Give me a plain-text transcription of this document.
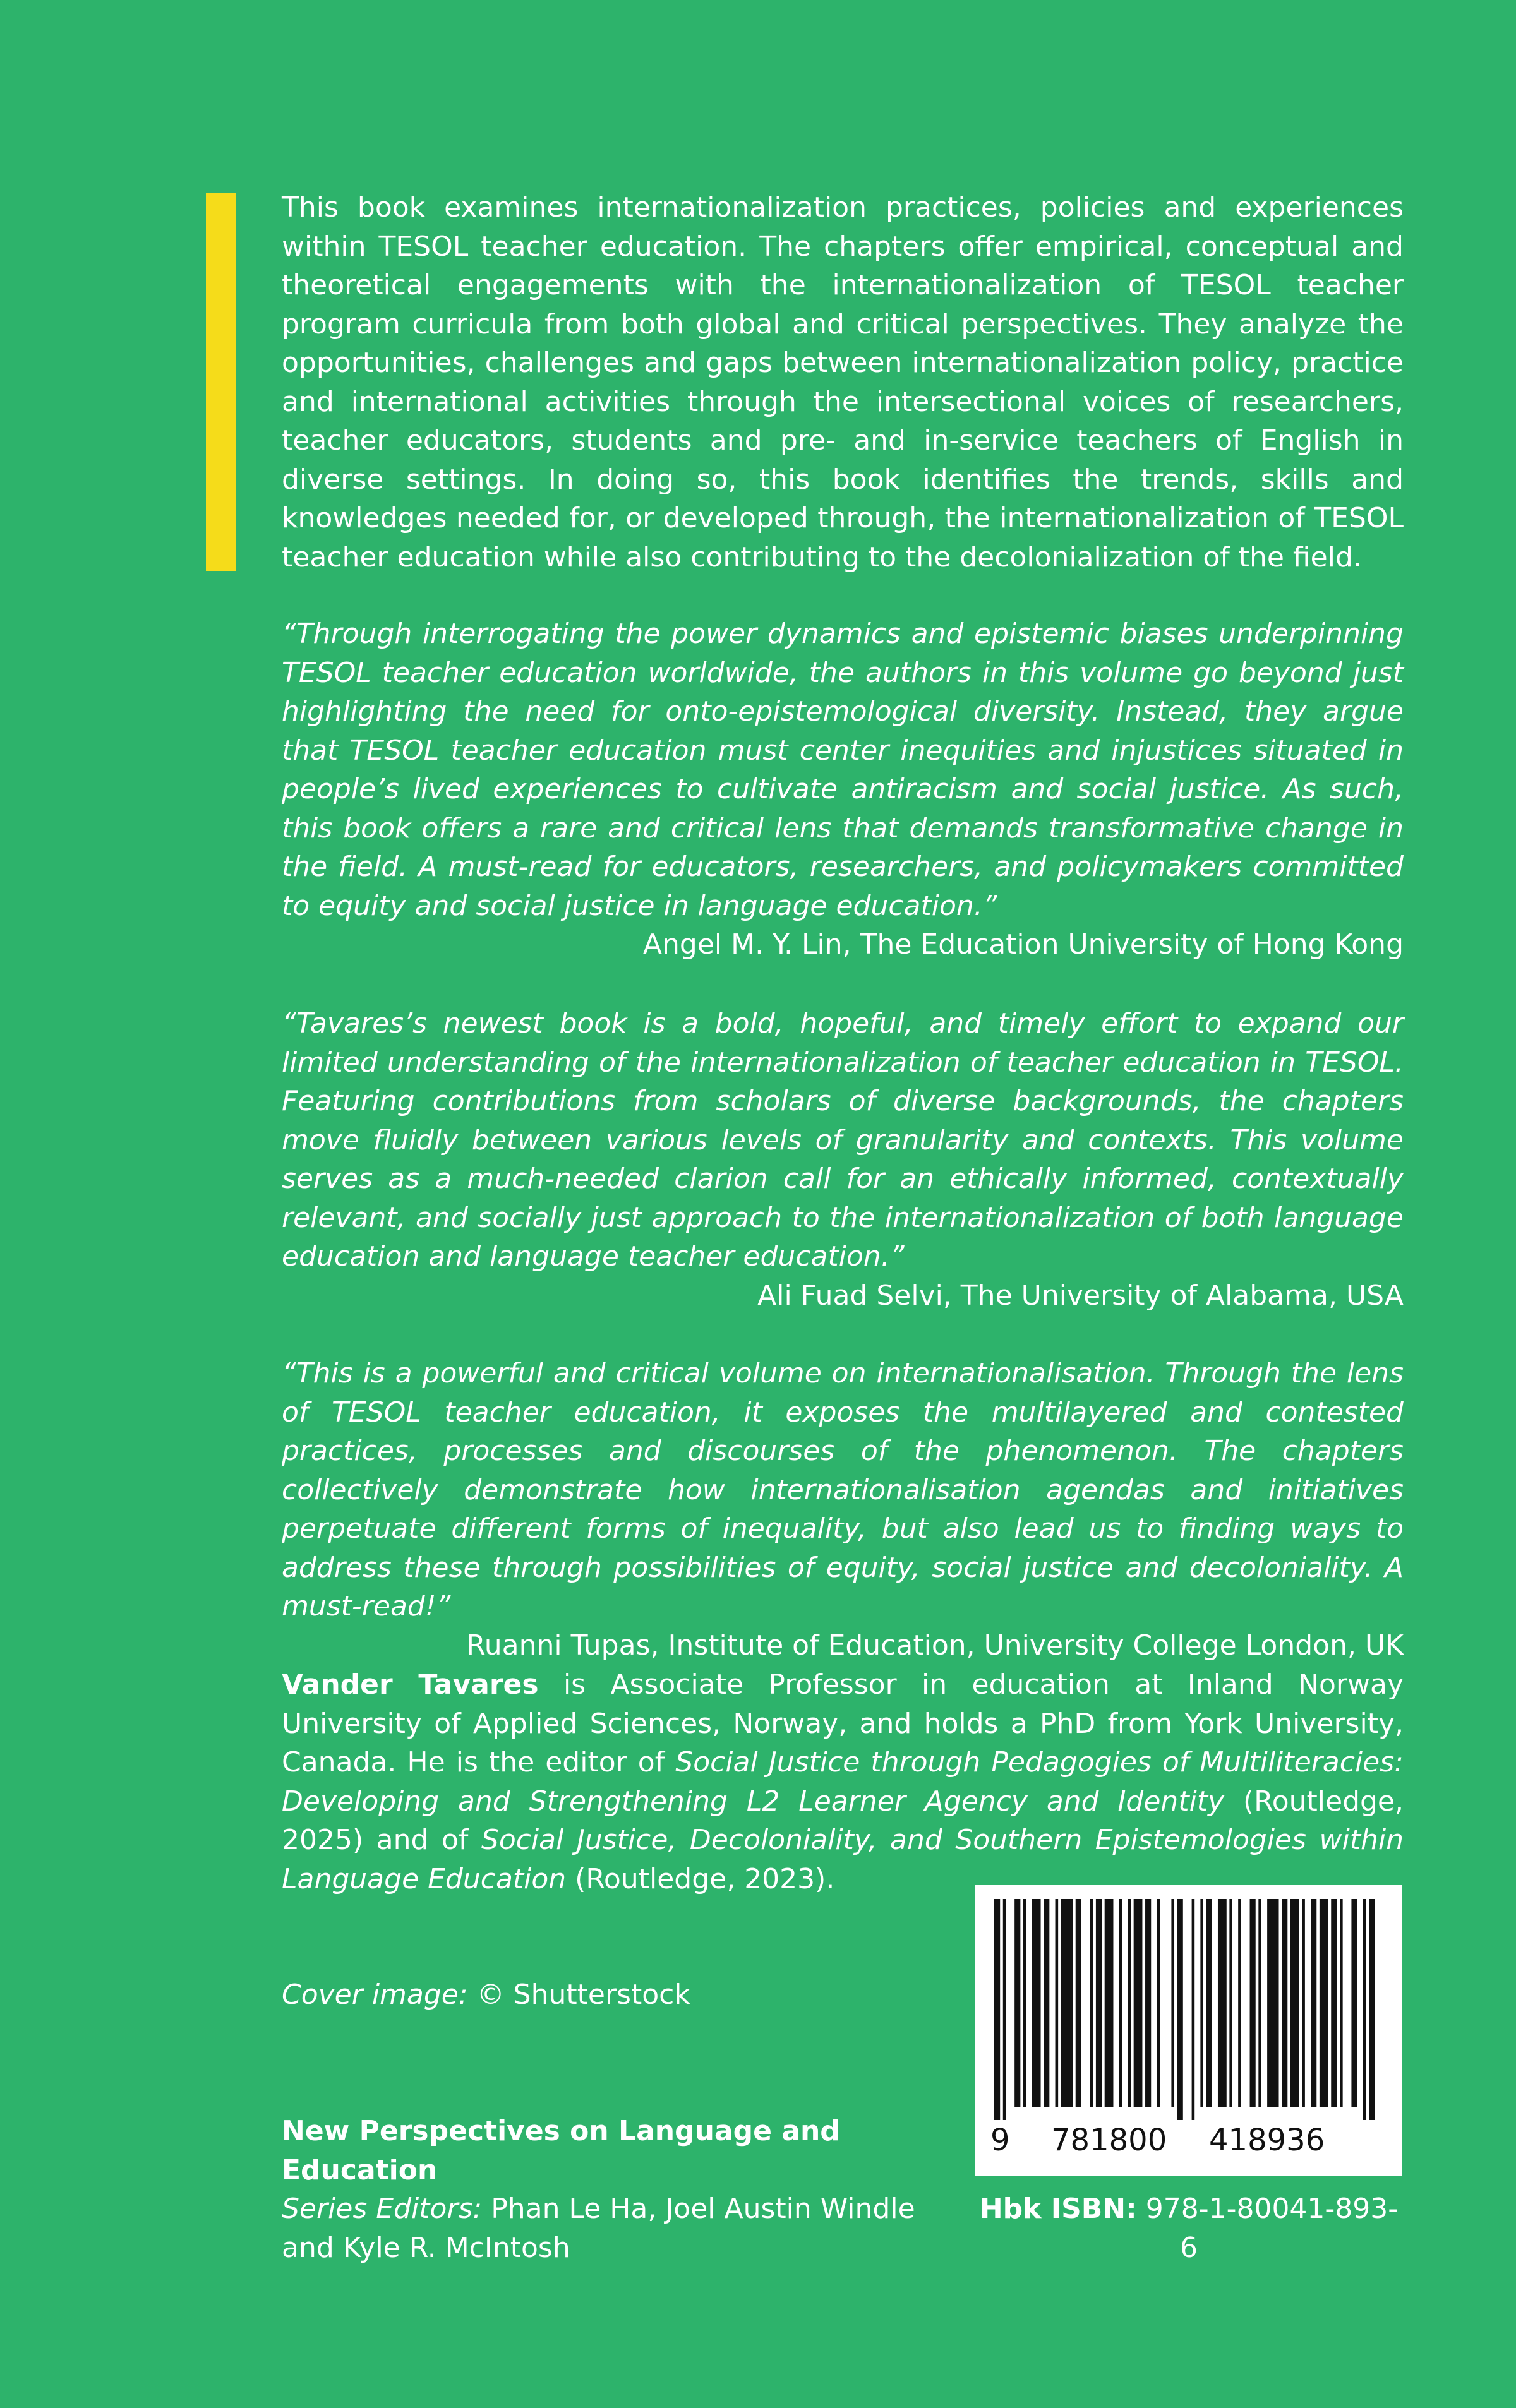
This book examines internationalization practices, policies and experiences within TESOL teacher education. The chapters offer empirical, conceptual and theoretical engagements with the internationalization of TESOL teacher program curricula from both global and critical perspectives. They analyze the opportunities, challenges and gaps between internationalization policy, practice and international activities through the intersectional voices of researchers, teacher educators, students and pre- and in-service teachers of English in diverse settings. In doing so, this book identifies the trends, skills and knowledges needed for, or developed through, the internationalization of TESOL teacher education while also contributing to the decolonialization of the field.

“Through interrogating the power dynamics and epistemic biases underpinning TESOL teacher education worldwide, the authors in this volume go beyond just highlighting the need for onto-epistemological diversity. Instead, they argue that TESOL teacher education must center inequities and injustices situated in people’s lived experiences to cultivate antiracism and social justice. As such, this book offers a rare and critical lens that demands transformative change in the field. A must-read for educators, researchers, and policymakers committed to equity and social justice in language education.”

Angel M. Y. Lin, The Education University of Hong Kong

“Tavares’s newest book is a bold, hopeful, and timely effort to expand our limited understanding of the internationalization of teacher education in TESOL. Featuring contributions from scholars of diverse backgrounds, the chapters move fluidly between various levels of granularity and contexts. This volume serves as a much-needed clarion call for an ethically informed, contextually relevant, and socially just approach to the internationalization of both language education and language teacher education.”

Ali Fuad Selvi, The University of Alabama, USA

“This is a powerful and critical volume on internationalisation. Through the lens of TESOL teacher education, it exposes the multilayered and contested practices, processes and discourses of the phenomenon. The chapters collectively demonstrate how internationalisation agendas and initiatives perpetuate different forms of inequality, but also lead us to finding ways to address these through possibilities of equity, social justice and decoloniality. A must-read!”

Ruanni Tupas, Institute of Education, University College London, UK

Vander Tavares is Associate Professor in education at Inland Norway University of Applied Sciences, Norway, and holds a PhD from York University, Canada. He is the editor of Social Justice through Pedagogies of Multiliteracies: Developing and Strengthening L2 Learner Agency and Identity (Routledge, 2025) and of Social Justice, Decoloniality, and Southern Epistemologies within Language Education (Routledge, 2023).

Cover image: © Shutterstock

New Perspectives on Language and Education

Series Editors: Phan Le Ha, Joel Austin Windle

and Kyle R. McIntosh

9 781800 418936
Hbk ISBN: 978-1-80041-893-6
